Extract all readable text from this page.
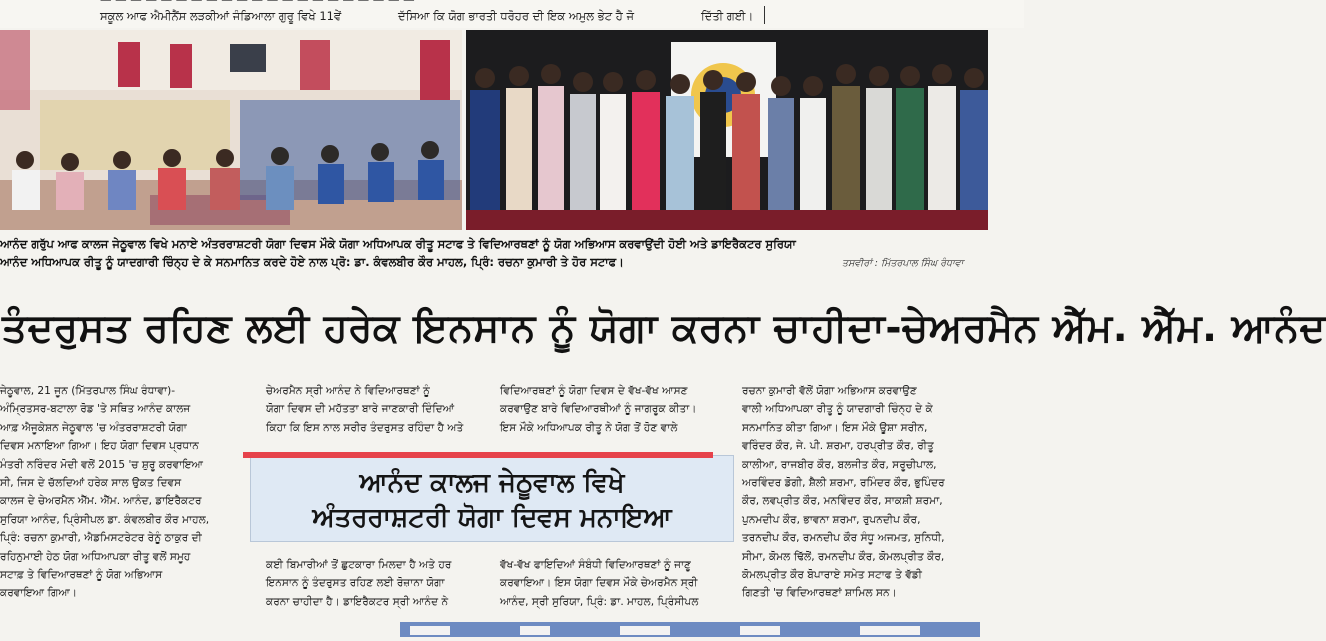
— — — — — — — — — — — — — — — — — — — — —
ਸਕੂਲ ਆਫ ਐਮੀਨੈਂਸ ਲੜਕੀਆਂ ਜੰਡਿਆਲਾ ਗੁਰੂ ਵਿਖੇ 11ਵੇਂ	ਦੱਸਿਆ ਕਿ ਯੋਗ ਭਾਰਤੀ ਧਰੋਹਰ ਦੀ ਇਕ ਅਮੁਲ ਭੇਟ ਹੈ ਜੋ	ਦਿੱਤੀ ਗਈ।
ਆਨੰਦ ਗਰੁੱਪ ਆਫ ਕਾਲਜ ਜੇਠੂਵਾਲ ਵਿਖੇ ਮਨਾਏ ਅੰਤਰਰਾਸ਼ਟਰੀ ਯੋਗਾ ਦਿਵਸ ਮੌਕੇ ਯੋਗਾ ਅਧਿਆਪਕ ਰੀਤੂ ਸਟਾਫ ਤੇ ਵਿਦਿਆਰਥਣਾਂ ਨੂੰ ਯੋਗ ਅਭਿਆਸ ਕਰਵਾਉਂਦੀ ਹੋਈ ਅਤੇ ਡਾਇਰੈਕਟਰ ਸੁਰਿਯਾ
ਆਨੰਦ ਅਧਿਆਪਕ ਰੀਤੂ ਨੂੰ ਯਾਦਗਾਰੀ ਚਿੰਨ੍ਹ ਦੇ ਕੇ ਸਨਮਾਨਿਤ ਕਰਦੇ ਹੋਏ ਨਾਲ ਪ੍ਰੋ: ਡਾ. ਕੰਵਲਬੀਰ ਕੌਰ ਮਾਹਲ, ਪ੍ਰਿੰ: ਰਚਨਾ ਕੁਮਾਰੀ ਤੇ ਹੋਰ ਸਟਾਫ।	ਤਸਵੀਰਾਂ : ਮਿੱਤਰਪਾਲ ਸਿੰਘ ਰੰਧਾਵਾ
ਤੰਦਰੁਸਤ ਰਹਿਣ ਲਈ ਹਰੇਕ ਇਨਸਾਨ ਨੂੰ ਯੋਗਾ ਕਰਨਾ ਚਾਹੀਦਾ-ਚੇਅਰਮੈਨ ਐੱਮ. ਐੱਮ. ਆਨੰਦ

ਜੇਠੂਵਾਲ, 21 ਜੂਨ (ਮਿੱਤਰਪਾਲ ਸਿੰਘ ਰੰਧਾਵਾ)-

ਅੰਮ੍ਰਿਤਸਰ-ਬਟਾਲਾ ਰੋਡ 'ਤੇ ਸਥਿਤ ਆਨੰਦ ਕਾਲਜ

ਆਫ਼ ਐਜੂਕੇਸ਼ਨ ਜੇਠੂਵਾਲ 'ਚ ਅੰਤਰਰਾਸ਼ਟਰੀ ਯੋਗਾ

ਦਿਵਸ ਮਨਾਇਆ ਗਿਆ। ਇਹ ਯੋਗਾ ਦਿਵਸ ਪ੍ਰਧਾਨ

ਮੰਤਰੀ ਨਰਿੰਦਰ ਮੋਦੀ ਵਲੋਂ 2015 'ਚ ਸ਼ੁਰੂ ਕਰਵਾਇਆ

ਸੀ, ਜਿਸ ਦੇ ਚੱਲਦਿਆਂ ਹਰੇਕ ਸਾਲ ਉਕਤ ਦਿਵਸ

ਕਾਲਜ ਦੇ ਚੇਅਰਮੈਨ ਐੱਮ. ਐੱਮ. ਆਨੰਦ, ਡਾਇਰੈਕਟਰ

ਸੁਰਿਯਾ ਆਨੰਦ, ਪ੍ਰਿੰਸੀਪਲ ਡਾ. ਕੰਵਲਬੀਰ ਕੌਰ ਮਾਹਲ,

ਪ੍ਰਿੰ: ਰਚਨਾ ਕੁਮਾਰੀ, ਐਡਮਿਸਟਰੇਟਰ ਰੇਨੂੰ ਠਾਕੁਰ ਦੀ

ਰਹਿਨੁਮਾਈ ਹੇਠ ਯੋਗ ਅਧਿਆਪਕਾ ਰੀਤੂ ਵਲੋਂ ਸਮੂਹ

ਸਟਾਫ਼ ਤੇ ਵਿਦਿਆਰਥਣਾਂ ਨੂੰ ਯੋਗ ਅਭਿਆਸ

ਕਰਵਾਇਆ ਗਿਆ।

ਚੇਅਰਮੈਨ ਸ੍ਰੀ ਆਨੰਦ ਨੇ ਵਿਦਿਆਰਥਣਾਂ ਨੂੰ

ਯੋਗਾ ਦਿਵਸ ਦੀ ਮਹੱਤਤਾ ਬਾਰੇ ਜਾਣਕਾਰੀ ਦਿੰਦਿਆਂ

ਕਿਹਾ ਕਿ ਇਸ ਨਾਲ ਸਰੀਰ ਤੰਦਰੁਸਤ ਰਹਿੰਦਾ ਹੈ ਅਤੇ

ਕਈ ਬਿਮਾਰੀਆਂ ਤੋਂ ਛੁਟਕਾਰਾ ਮਿਲਦਾ ਹੈ ਅਤੇ ਹਰ

ਇਨਸਾਨ ਨੂੰ ਤੰਦਰੁਸਤ ਰਹਿਣ ਲਈ ਰੋਜ਼ਾਨਾ ਯੋਗਾ

ਕਰਨਾ ਚਾਹੀਦਾ ਹੈ। ਡਾਇਰੈਕਟਰ ਸ੍ਰੀ ਆਨੰਦ ਨੇ

ਵਿਦਿਆਰਥਣਾਂ ਨੂੰ ਯੋਗਾ ਦਿਵਸ ਦੇ ਵੱਖ-ਵੱਖ ਆਸਣ

ਕਰਵਾਉਣ ਬਾਰੇ ਵਿਦਿਆਰਥੀਆਂ ਨੂੰ ਜਾਗਰੂਕ ਕੀਤਾ।

ਇਸ ਮੌਕੇ ਅਧਿਆਪਕ ਰੀਤੂ ਨੇ ਯੋਗ ਤੋਂ ਹੋਣ ਵਾਲੇ

ਵੱਖ-ਵੱਖ ਫਾਇਦਿਆਂ ਸੰਬੰਧੀ ਵਿਦਿਆਰਥਣਾਂ ਨੂੰ ਜਾਣੂ

ਕਰਵਾਇਆ। ਇਸ ਯੋਗਾ ਦਿਵਸ ਮੌਕੇ ਚੇਅਰਮੈਨ ਸ੍ਰੀ

ਆਨੰਦ, ਸ੍ਰੀ ਸੁਰਿਯਾ, ਪ੍ਰਿੰ: ਡਾ. ਮਾਹਲ, ਪ੍ਰਿੰਸੀਪਲ

ਰਚਨਾ ਕੁਮਾਰੀ ਵੱਲੋਂ ਯੋਗਾ ਅਭਿਆਸ ਕਰਵਾਉਣ

ਵਾਲੀ ਅਧਿਆਪਕਾ ਰੀਤੂ ਨੂੰ ਯਾਦਗਾਰੀ ਚਿੰਨ੍ਹ ਦੇ ਕੇ

ਸਨਮਾਨਿਤ ਕੀਤਾ ਗਿਆ। ਇਸ ਮੌਕੇ ਊਸ਼ਾ ਸਰੀਨ,

ਵਰਿੰਦਰ ਕੌਰ, ਜੇ. ਪੀ. ਸ਼ਰਮਾ, ਹਰਪ੍ਰੀਤ ਕੌਰ, ਰੀਤੂ

ਕਾਲੀਆ, ਰਾਜਬੀਰ ਕੌਰ, ਬਲਜੀਤ ਕੌਰ, ਸਰੂਚੀਪਾਲ,

ਅਰਵਿੰਦਰ ਡੋਗੀ, ਸ਼ੈਲੀ ਸ਼ਰਮਾ, ਰਮਿੰਦਰ ਕੌਰ, ਭੁਪਿੰਦਰ

ਕੌਰ, ਲਵਪ੍ਰੀਤ ਕੌਰ, ਮਨਵਿੰਦਰ ਕੌਰ, ਸਾਕਸ਼ੀ ਸ਼ਰਮਾ,

ਪੁਨਮਦੀਪ ਕੌਰ, ਭਾਵਨਾ ਸ਼ਰਮਾ, ਰੁਪਨਦੀਪ ਕੌਰ,

ਤਰਨਦੀਪ ਕੌਰ, ਰਮਨਦੀਪ ਕੌਰ ਸੰਧੂ ਅਜਮਤ, ਸੁਨਿਧੀ,

ਸੀਮਾ, ਕੋਮਲ ਢਿੱਲੋਂ, ਰਮਨਦੀਪ ਕੌਰ, ਕੋਮਲਪ੍ਰੀਤ ਕੌਰ,

ਕੋਮਲਪ੍ਰੀਤ ਕੌਰ ਬੋਪਾਰਾਏ ਸਮੇਤ ਸਟਾਫ ਤੇ ਵੱਡੀ

ਗਿਣਤੀ 'ਚ ਵਿਦਿਆਰਥਣਾਂ ਸ਼ਾਮਿਲ ਸਨ।

ਆਨੰਦ ਕਾਲਜ ਜੇਠੂਵਾਲ ਵਿਖੇ
ਅੰਤਰਰਾਸ਼ਟਰੀ ਯੋਗਾ ਦਿਵਸ ਮਨਾਇਆ
